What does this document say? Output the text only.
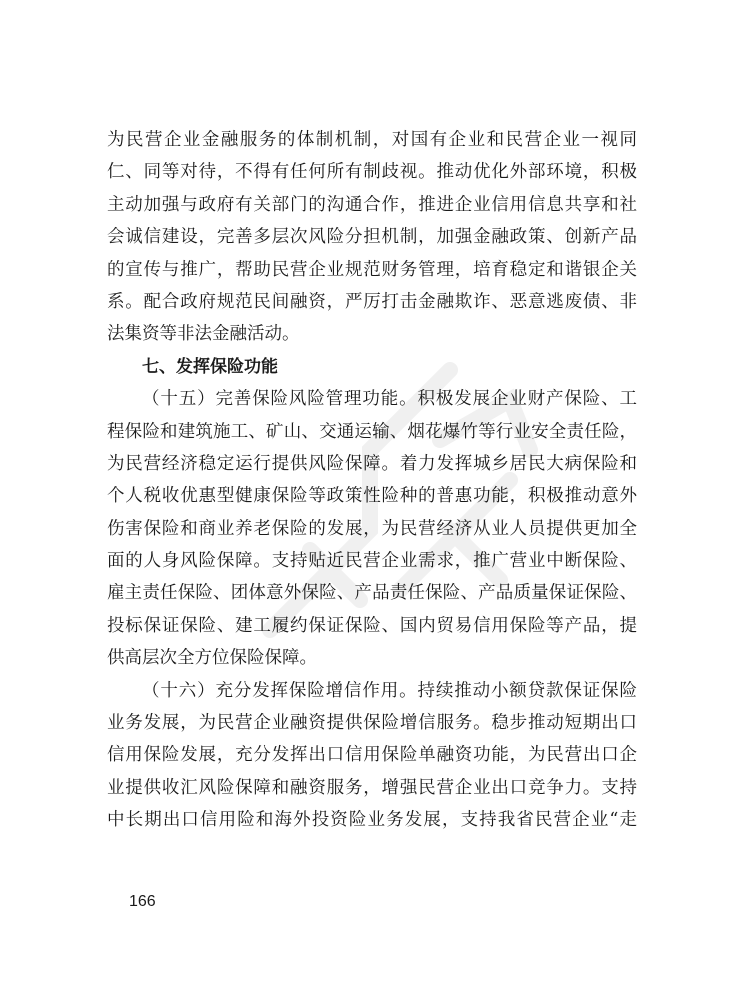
为民营企业金融服务的体制机制，对国有企业和民营企业一视同
仁、同等对待，不得有任何所有制歧视。推动优化外部环境，积极
主动加强与政府有关部门的沟通合作，推进企业信用信息共享和社
会诚信建设，完善多层次风险分担机制，加强金融政策、创新产品
的宣传与推广，帮助民营企业规范财务管理，培育稳定和谐银企关
系。配合政府规范民间融资，严厉打击金融欺诈、恶意逃废债、非
法集资等非法金融活动。
七、发挥保险功能
（十五）完善保险风险管理功能。积极发展企业财产保险、工
程保险和建筑施工、矿山、交通运输、烟花爆竹等行业安全责任险，
为民营经济稳定运行提供风险保障。着力发挥城乡居民大病保险和
个人税收优惠型健康保险等政策性险种的普惠功能，积极推动意外
伤害保险和商业养老保险的发展，为民营经济从业人员提供更加全
面的人身风险保障。支持贴近民营企业需求，推广营业中断保险、
雇主责任保险、团体意外保险、产品责任保险、产品质量保证保险、
投标保证保险、建工履约保证保险、国内贸易信用保险等产品，提
供高层次全方位保险保障。
（十六）充分发挥保险增信作用。持续推动小额贷款保证保险
业务发展，为民营企业融资提供保险增信服务。稳步推动短期出口
信用保险发展，充分发挥出口信用保险单融资功能，为民营出口企
业提供收汇风险保障和融资服务，增强民营企业出口竞争力。支持
中长期出口信用险和海外投资险业务发展，支持我省民营企业“走
166
